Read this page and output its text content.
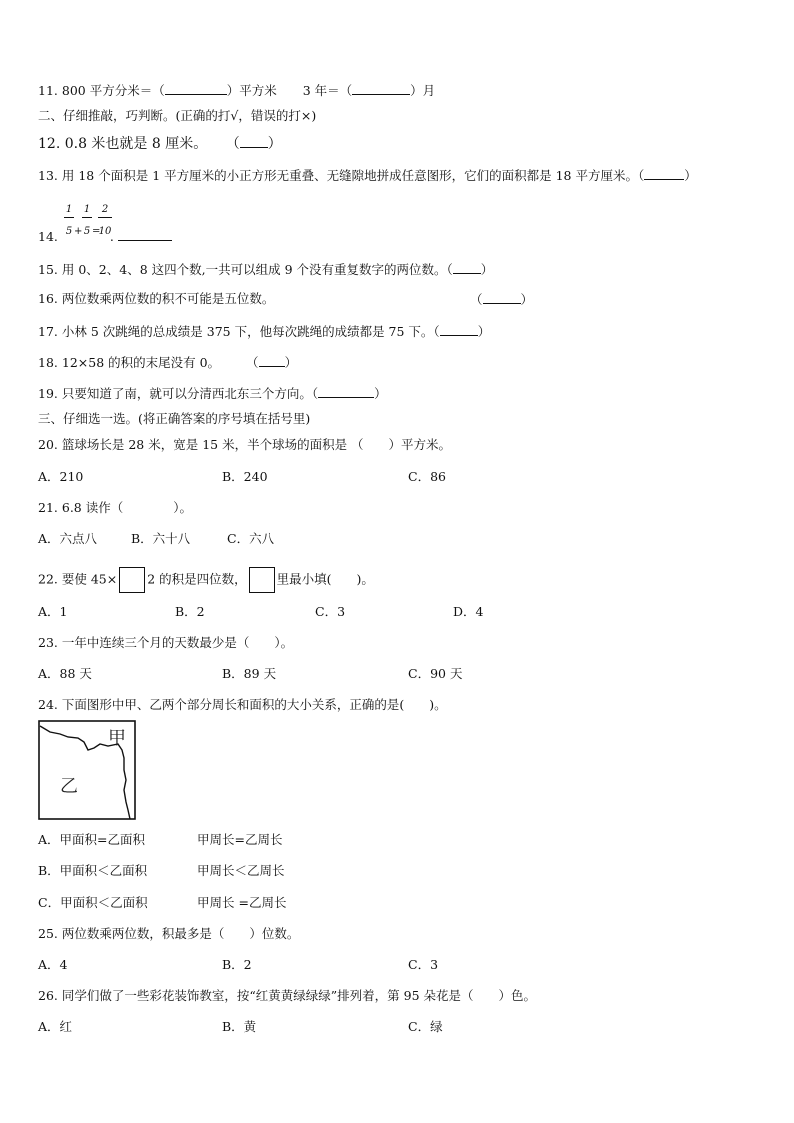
11. 800 平方分米＝（	）平方米 3 年＝（	）月
二、仔细推敲，巧判断。(正确的打√，错误的打×)
12. 0.8 米也就是 8 厘米。 （ ）
13. 用 18 个面积是 1 平方厘米的小正方形无重叠、无缝隙地拼成任意图形，它们的面积都是 18 平方厘米。（	）
1
5 +
1
5 =
2
10
14.	.
15. 用 0、2、4、8 这四个数,一共可以组成 9 个没有重复数字的两位数。（ ）
16. 两位数乘两位数的积不可能是五位数。	（	）
17. 小林 5 次跳绳的总成绩是 375 下，他每次跳绳的成绩都是 75 下。（	）
18. 12×58 的积的末尾没有 0。 （ ）
19. 只要知道了南，就可以分清西北东三个方向。（	）
三、仔细选一选。(将正确答案的序号填在括号里)
20. 篮球场长是 28 米，宽是 15 米，半个球场的面积是 （　　）平方米。
A．210	B．240	C．86
21. 6.8 读作（　　　　）。
A．六点八	B．六十八	C．六八
22. 要使 45× 2 的积是四位数， 里最小填(　　)。
A．1	B．2	C．3	D．4
23. 一年中连续三个月的天数最少是（　　）。
A．88 天	B．89 天	C．90 天
24. 下面图形中甲、乙两个部分周长和面积的大小关系，正确的是(　　)。
甲
乙
A．甲面积=乙面积	甲周长=乙周长
B．甲面积＜乙面积	甲周长＜乙周长
C．甲面积＜乙面积	甲周长 =乙周长
25. 两位数乘两位数，积最多是（　　）位数。
A．4	B．2	C．3
26. 同学们做了一些彩花装饰教室，按“红黄黄绿绿绿”排列着，第 95 朵花是（　　）色。
A．红	B．黄	C．绿
